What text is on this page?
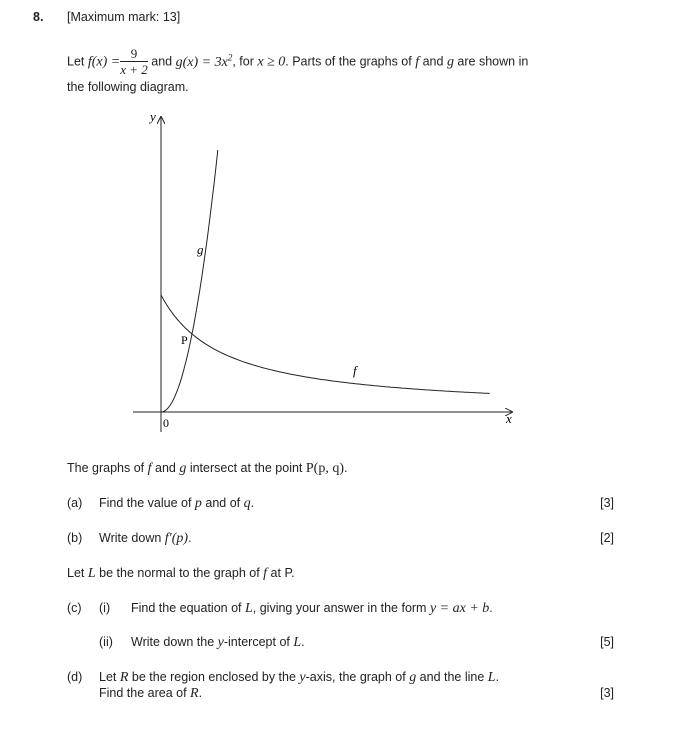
8. [Maximum mark: 13]
Let $f(x) = \frac{9}{x + 2}$ and $g(x) = 3x^2$, for x ≥ 0. Parts of the graphs of f and g are shown in
the following diagram.
y
x
0
g
f
P
The graphs of f and g intersect at the point P(p, q).
(a) Find the value of p and of q.	[3]
(b) Write down f′(p).	[2]
Let L be the normal to the graph of f at P.
(c) (i) Find the equation of L, giving your answer in the form y = ax + b.
(ii) Write down the y-intercept of L.	[5]
(d) Let R be the region enclosed by the y-axis, the graph of g and the line L.
Find the area of R.	[3]
